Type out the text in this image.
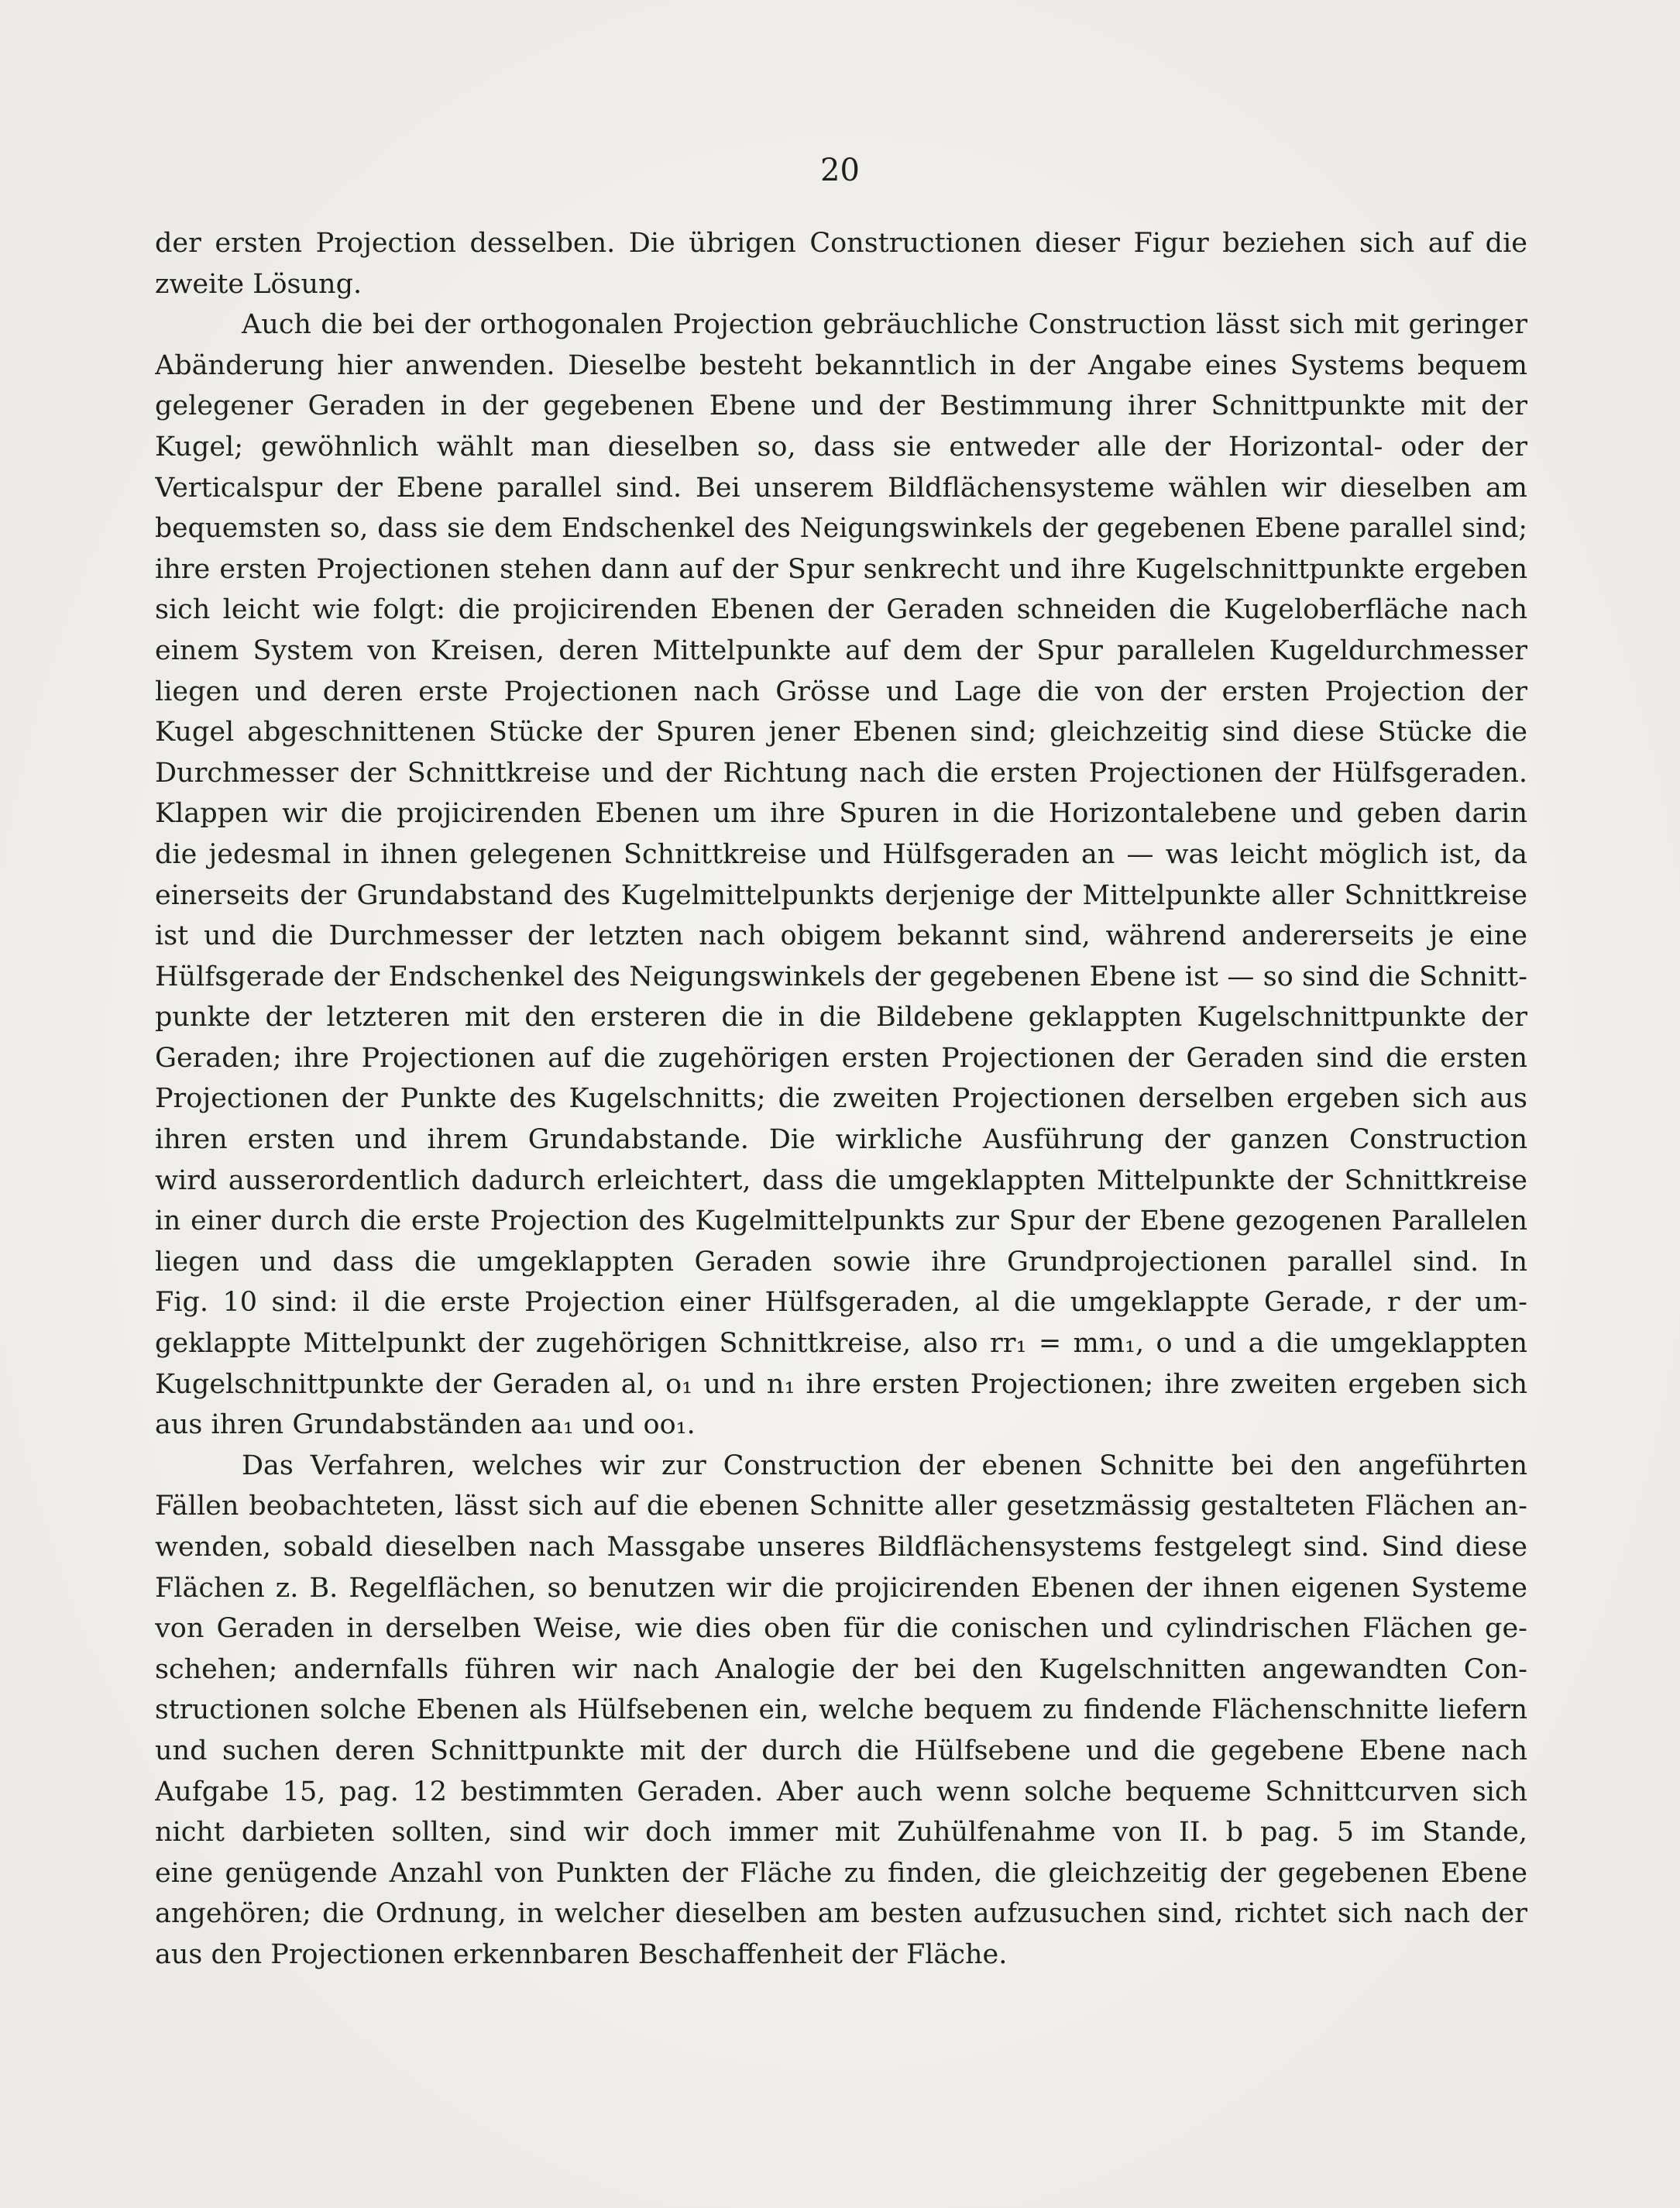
20
der ersten Projection desselben. Die übrigen Constructionen dieser Figur beziehen sich auf die
zweite Lösung.
Auch die bei der orthogonalen Projection gebräuchliche Construction lässt sich mit geringer
Abänderung hier anwenden. Dieselbe besteht bekanntlich in der Angabe eines Systems bequem
gelegener Geraden in der gegebenen Ebene und der Bestimmung ihrer Schnittpunkte mit der
Kugel; gewöhnlich wählt man dieselben so, dass sie entweder alle der Horizontal- oder der
Verticalspur der Ebene parallel sind. Bei unserem Bildflächensysteme wählen wir dieselben am
bequemsten so, dass sie dem Endschenkel des Neigungswinkels der gegebenen Ebene parallel sind;
ihre ersten Projectionen stehen dann auf der Spur senkrecht und ihre Kugelschnittpunkte ergeben
sich leicht wie folgt: die projicirenden Ebenen der Geraden schneiden die Kugeloberfläche nach
einem System von Kreisen, deren Mittelpunkte auf dem der Spur parallelen Kugeldurchmesser
liegen und deren erste Projectionen nach Grösse und Lage die von der ersten Projection der
Kugel abgeschnittenen Stücke der Spuren jener Ebenen sind; gleichzeitig sind diese Stücke die
Durchmesser der Schnittkreise und der Richtung nach die ersten Projectionen der Hülfsgeraden.
Klappen wir die projicirenden Ebenen um ihre Spuren in die Horizontalebene und geben darin
die jedesmal in ihnen gelegenen Schnittkreise und Hülfsgeraden an — was leicht möglich ist, da
einerseits der Grundabstand des Kugelmittelpunkts derjenige der Mittelpunkte aller Schnittkreise
ist und die Durchmesser der letzten nach obigem bekannt sind, während andererseits je eine
Hülfsgerade der Endschenkel des Neigungswinkels der gegebenen Ebene ist — so sind die Schnitt-
punkte der letzteren mit den ersteren die in die Bildebene geklappten Kugelschnittpunkte der
Geraden; ihre Projectionen auf die zugehörigen ersten Projectionen der Geraden sind die ersten
Projectionen der Punkte des Kugelschnitts; die zweiten Projectionen derselben ergeben sich aus
ihren ersten und ihrem Grundabstande. Die wirkliche Ausführung der ganzen Construction
wird ausserordentlich dadurch erleichtert, dass die umgeklappten Mittelpunkte der Schnittkreise
in einer durch die erste Projection des Kugelmittelpunkts zur Spur der Ebene gezogenen Parallelen
liegen und dass die umgeklappten Geraden sowie ihre Grundprojectionen parallel sind. In
Fig. 10 sind: il die erste Projection einer Hülfsgeraden, al die umgeklappte Gerade, r der um-
geklappte Mittelpunkt der zugehörigen Schnittkreise, also rr₁ = mm₁, o und a die umgeklappten
Kugelschnittpunkte der Geraden al, o₁ und n₁ ihre ersten Projectionen; ihre zweiten ergeben sich
aus ihren Grundabständen aa₁ und oo₁.
Das Verfahren, welches wir zur Construction der ebenen Schnitte bei den angeführten
Fällen beobachteten, lässt sich auf die ebenen Schnitte aller gesetzmässig gestalteten Flächen an-
wenden, sobald dieselben nach Massgabe unseres Bildflächensystems festgelegt sind. Sind diese
Flächen z. B. Regelflächen, so benutzen wir die projicirenden Ebenen der ihnen eigenen Systeme
von Geraden in derselben Weise, wie dies oben für die conischen und cylindrischen Flächen ge-
schehen; andernfalls führen wir nach Analogie der bei den Kugelschnitten angewandten Con-
structionen solche Ebenen als Hülfsebenen ein, welche bequem zu findende Flächenschnitte liefern
und suchen deren Schnittpunkte mit der durch die Hülfsebene und die gegebene Ebene nach
Aufgabe 15, pag. 12 bestimmten Geraden. Aber auch wenn solche bequeme Schnittcurven sich
nicht darbieten sollten, sind wir doch immer mit Zuhülfenahme von II. b pag. 5 im Stande,
eine genügende Anzahl von Punkten der Fläche zu finden, die gleichzeitig der gegebenen Ebene
angehören; die Ordnung, in welcher dieselben am besten aufzusuchen sind, richtet sich nach der
aus den Projectionen erkennbaren Beschaffenheit der Fläche.
